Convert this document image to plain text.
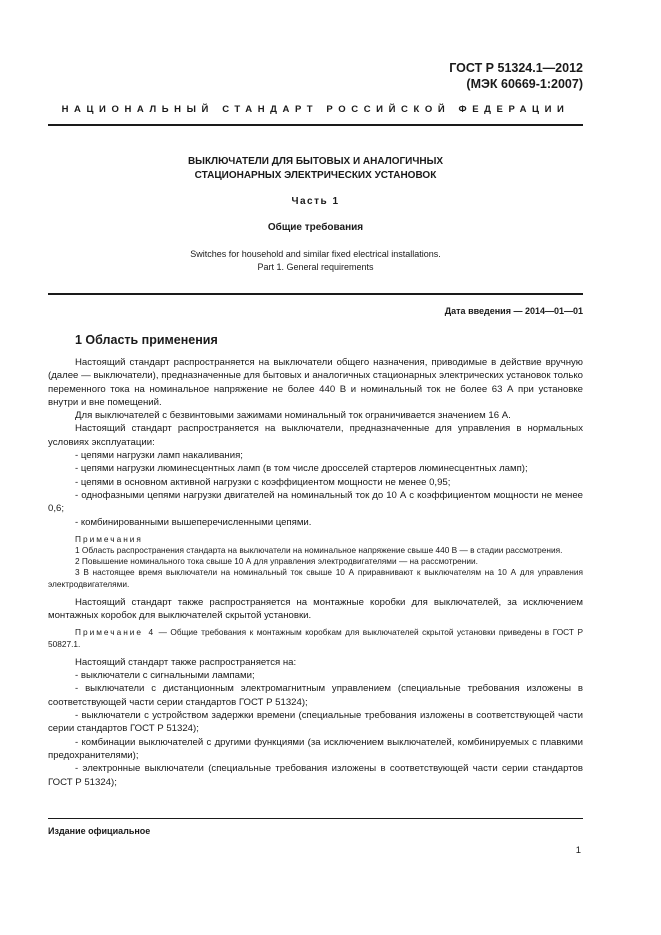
ГОСТ Р 51324.1—2012
(МЭК 60669-1:2007)
НАЦИОНАЛЬНЫЙ СТАНДАРТ РОССИЙСКОЙ ФЕДЕРАЦИИ
ВЫКЛЮЧАТЕЛИ ДЛЯ БЫТОВЫХ И АНАЛОГИЧНЫХ
СТАЦИОНАРНЫХ ЭЛЕКТРИЧЕСКИХ УСТАНОВОК
Часть 1
Общие требования
Switches for household and similar fixed electrical installations.
Part 1. General requirements
Дата введения — 2014—01—01
1 Область применения

Настоящий стандарт распространяется на выключатели общего назначения, приводимые в действие вручную (далее — выключатели), предназначенные для бытовых и аналогичных стационарных электрических установок только переменного тока на номинальное напряжение не более 440 В и номинальный ток не более 63 А при установке внутри и вне помещений.

Для выключателей с безвинтовыми зажимами номинальный ток ограничивается значением 16 А.

Настоящий стандарт распространяется на выключатели, предназначенные для управления в нормальных условиях эксплуатации:

- цепями нагрузки ламп накаливания;

- цепями нагрузки люминесцентных ламп (в том числе дросселей стартеров люминесцентных ламп);

- цепями в основном активной нагрузки с коэффициентом мощности не менее 0,95;

- однофазными цепями нагрузки двигателей на номинальный ток до 10 А с коэффициентом мощности не менее 0,6;

- комбинированными вышеперечисленными цепями.

Примечания

1 Область распространения стандарта на выключатели на номинальное напряжение свыше 440 В — в стадии рассмотрения.

2 Повышение номинального тока свыше 10 А для управления электродвигателями — на рассмотрении.

3 В настоящее время выключатели на номинальный ток свыше 10 А приравнивают к выключателям на 10 А для управления электродвигателями.

Настоящий стандарт также распространяется на монтажные коробки для выключателей, за исключением монтажных коробок для выключателей скрытой установки.

Примечание 4 — Общие требования к монтажным коробкам для выключателей скрытой установки приведены в ГОСТ Р 50827.1.

Настоящий стандарт также распространяется на:

- выключатели с сигнальными лампами;

- выключатели с дистанционным электромагнитным управлением (специальные требования изложены в соответствующей части серии стандартов ГОСТ Р 51324);

- выключатели с устройством задержки времени (специальные требования изложены в соответствующей части серии стандартов ГОСТ Р 51324);

- комбинации выключателей с другими функциями (за исключением выключателей, комбинируемых с плавкими предохранителями);

- электронные выключатели (специальные требования изложены в соответствующей части серии стандартов ГОСТ Р 51324);

Издание официальное
1
